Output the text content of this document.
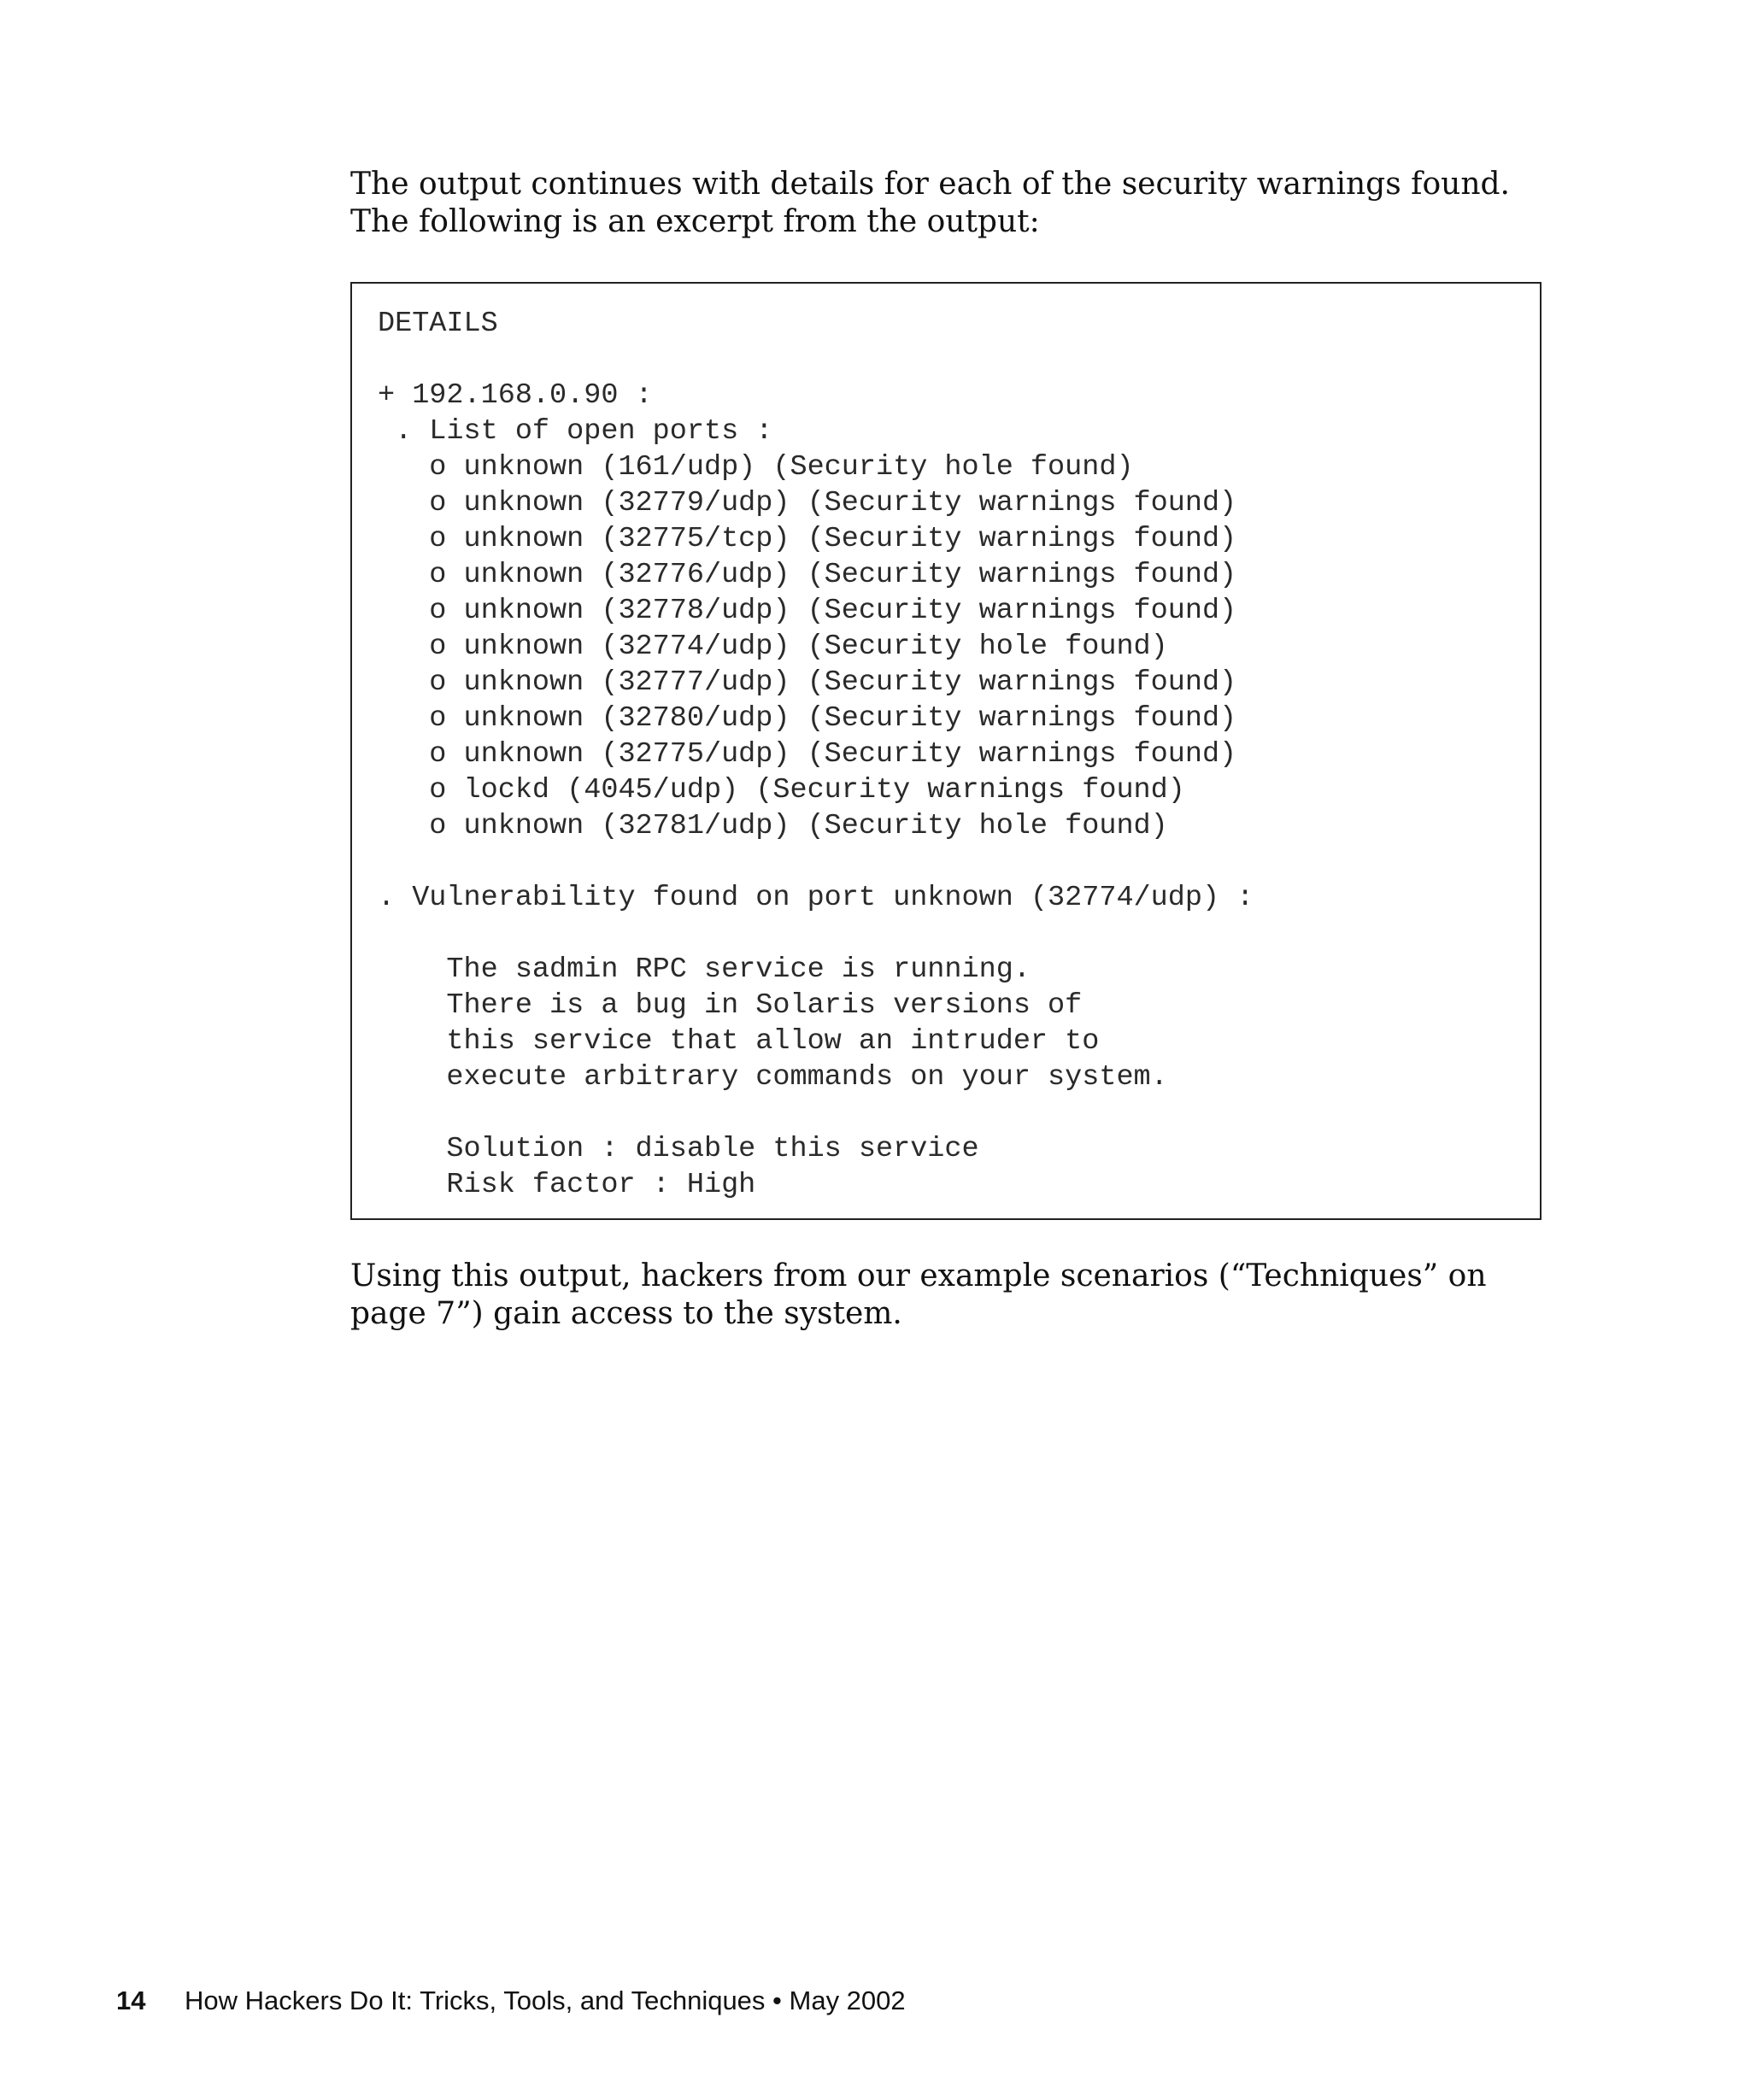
The output continues with details for each of the security warnings found. The following is an excerpt from the output:

DETAILS
+ 192.168.0.90 :
. List of open ports :
o unknown (161/udp) (Security hole found)
o unknown (32779/udp) (Security warnings found)
o unknown (32775/tcp) (Security warnings found)
o unknown (32776/udp) (Security warnings found)
o unknown (32778/udp) (Security warnings found)
o unknown (32774/udp) (Security hole found)
o unknown (32777/udp) (Security warnings found)
o unknown (32780/udp) (Security warnings found)
o unknown (32775/udp) (Security warnings found)
o lockd (4045/udp) (Security warnings found)
o unknown (32781/udp) (Security hole found)
. Vulnerability found on port unknown (32774/udp) :
The sadmin RPC service is running.
There is a bug in Solaris versions of
this service that allow an intruder to
execute arbitrary commands on your system.
Solution : disable this service
Risk factor : High

Using this output, hackers from our example scenarios (“Techniques” on page 7”) gain access to the system.

14 How Hackers Do It: Tricks, Tools, and Techniques • May 2002
